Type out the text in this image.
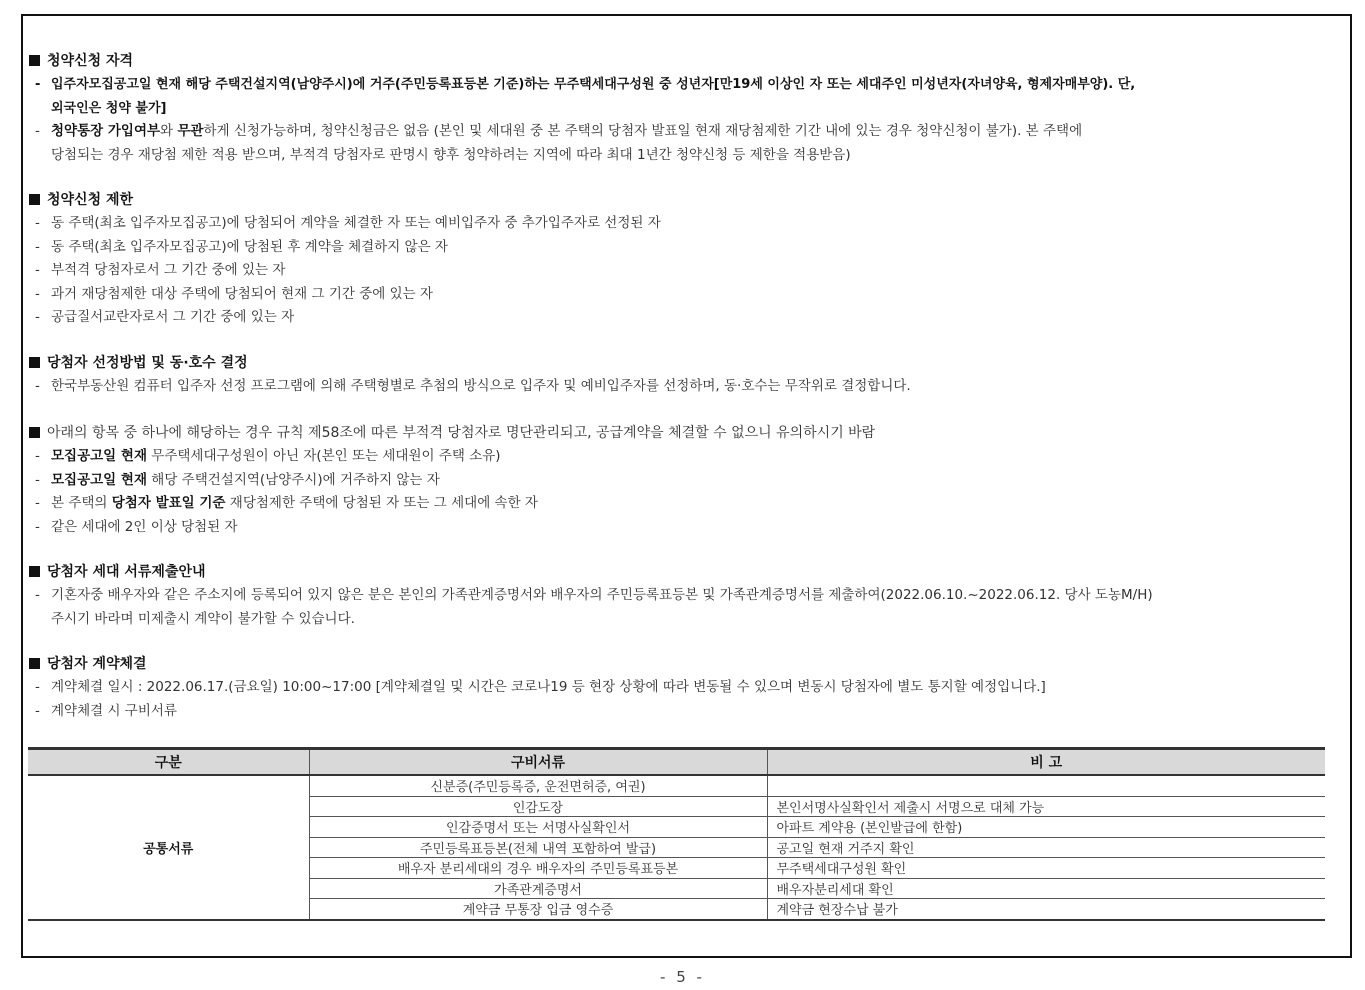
청약신청 자격
- 입주자모집공고일 현재 해당 주택건설지역(남양주시)에 거주(주민등록표등본 기준)하는 무주택세대구성원 중 성년자[만19세 이상인 자 또는 세대주인 미성년자(자녀양육, 형제자매부양). 단,
외국인은 청약 불가]
- 청약통장 가입여부와 무관하게 신청가능하며, 청약신청금은 없음 (본인 및 세대원 중 본 주택의 당첨자 발표일 현재 재당첨제한 기간 내에 있는 경우 청약신청이 불가). 본 주택에
당첨되는 경우 재당첨 제한 적용 받으며, 부적격 당첨자로 판명시 향후 청약하려는 지역에 따라 최대 1년간 청약신청 등 제한을 적용받음)
청약신청 제한
- 동 주택(최초 입주자모집공고)에 당첨되어 계약을 체결한 자 또는 예비입주자 중 추가입주자로 선정된 자
- 동 주택(최초 입주자모집공고)에 당첨된 후 계약을 체결하지 않은 자
- 부적격 당첨자로서 그 기간 중에 있는 자
- 과거 재당첨제한 대상 주택에 당첨되어 현재 그 기간 중에 있는 자
- 공급질서교란자로서 그 기간 중에 있는 자
당첨자 선정방법 및 동·호수 결정
- 한국부동산원 컴퓨터 입주자 선정 프로그램에 의해 주택형별로 추첨의 방식으로 입주자 및 예비입주자를 선정하며, 동·호수는 무작위로 결정합니다.
아래의 항목 중 하나에 해당하는 경우 규칙 제58조에 따른 부적격 당첨자로 명단관리되고, 공급계약을 체결할 수 없으니 유의하시기 바람
- 모집공고일 현재 무주택세대구성원이 아닌 자(본인 또는 세대원이 주택 소유)
- 모집공고일 현재 해당 주택건설지역(남양주시)에 거주하지 않는 자
- 본 주택의 당첨자 발표일 기준 재당첨제한 주택에 당첨된 자 또는 그 세대에 속한 자
- 같은 세대에 2인 이상 당첨된 자
당첨자 세대 서류제출안내
- 기혼자중 배우자와 같은 주소지에 등록되어 있지 않은 분은 본인의 가족관계증명서와 배우자의 주민등록표등본 및 가족관계증명서를 제출하여(2022.06.10.~2022.06.12. 당사 도농M/H)
주시기 바라며 미제출시 계약이 불가할 수 있습니다.
당첨자 계약체결
- 계약체결 일시 : 2022.06.17.(금요일) 10:00~17:00 [계약체결일 및 시간은 코로나19 등 현장 상황에 따라 변동될 수 있으며 변동시 당첨자에 별도 통지할 예정입니다.]
- 계약체결 시 구비서류
구분	구비서류	비 고
공통서류	신분증(주민등록증, 운전면허증, 여권)	
	인감도장	본인서명사실확인서 제출시 서명으로 대체 가능
	인감증명서 또는 서명사실확인서	아파트 계약용 (본인발급에 한함)
	주민등록표등본(전체 내역 포함하여 발급)	공고일 현재 거주지 확인
	배우자 분리세대의 경우 배우자의 주민등록표등본	무주택세대구성원 확인
	가족관계증명서	배우자분리세대 확인
	계약금 무통장 입금 영수증	계약금 현장수납 불가
- 5 -
